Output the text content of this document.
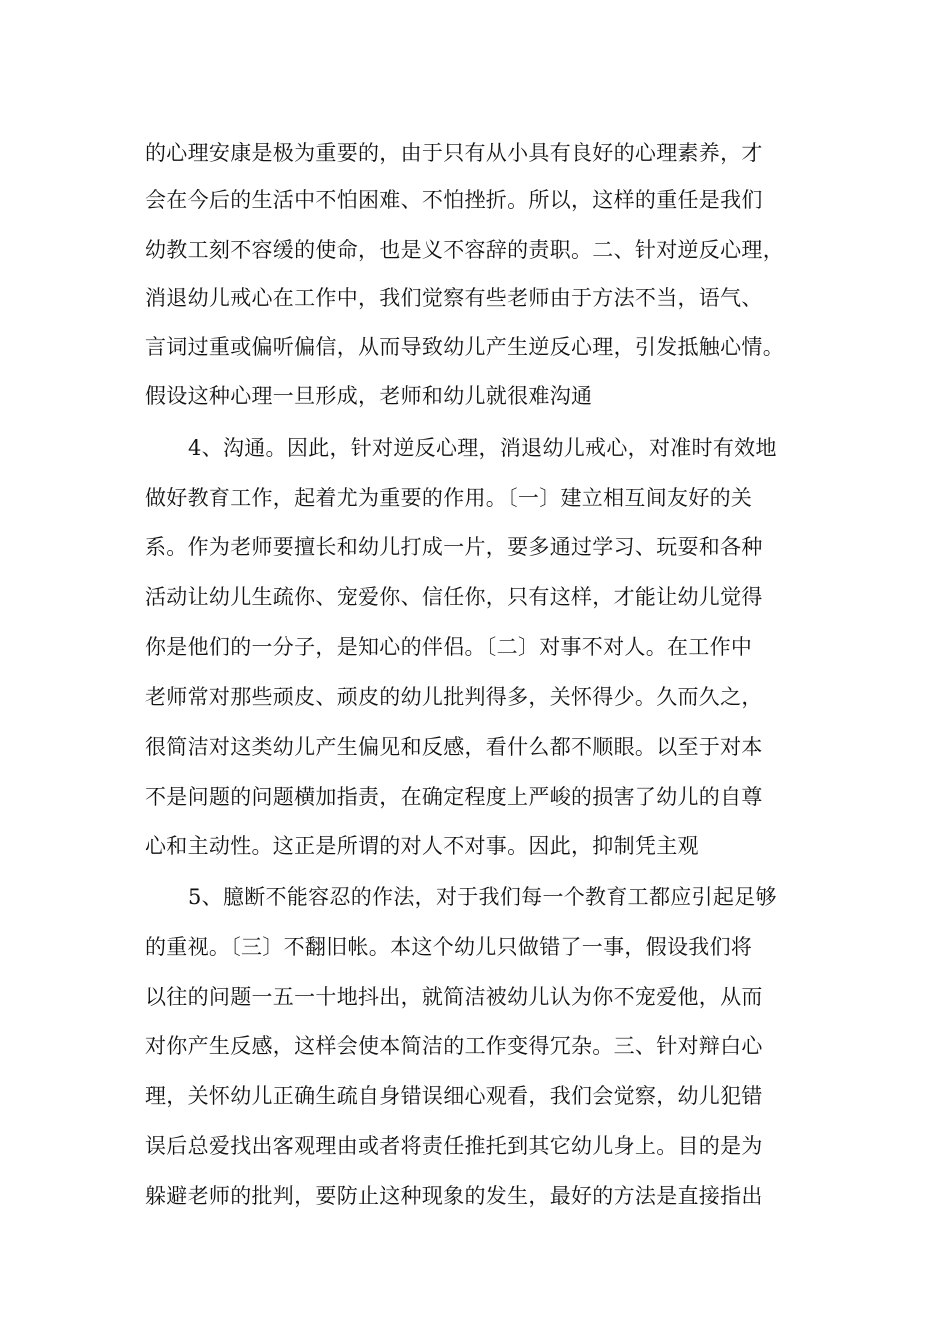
的心理安康是极为重要的，由于只有从小具有良好的心理素养，才
会在今后的生活中不怕困难、不怕挫折。所以，这样的重任是我们
幼教工刻不容缓的使命，也是义不容辞的责职。二、针对逆反心理，
消退幼儿戒心在工作中，我们觉察有些老师由于方法不当，语气、
言词过重或偏听偏信，从而导致幼儿产生逆反心理，引发抵触心情。
假设这种心理一旦形成，老师和幼儿就很难沟通
4、沟通。因此，针对逆反心理，消退幼儿戒心，对准时有效地
做好教育工作，起着尤为重要的作用。〔一〕建立相互间友好的关
系。作为老师要擅长和幼儿打成一片，要多通过学习、玩耍和各种
活动让幼儿生疏你、宠爱你、信任你，只有这样，才能让幼儿觉得
你是他们的一分子，是知心的伴侣。〔二〕对事不对人。在工作中
老师常对那些顽皮、顽皮的幼儿批判得多，关怀得少。久而久之，
很简洁对这类幼儿产生偏见和反感，看什么都不顺眼。以至于对本
不是问题的问题横加指责，在确定程度上严峻的损害了幼儿的自尊
心和主动性。这正是所谓的对人不对事。因此，抑制凭主观
5、臆断不能容忍的作法，对于我们每一个教育工都应引起足够
的重视。〔三〕不翻旧帐。本这个幼儿只做错了一事，假设我们将
以往的问题一五一十地抖出，就简洁被幼儿认为你不宠爱他，从而
对你产生反感，这样会使本简洁的工作变得冗杂。三、针对辩白心
理，关怀幼儿正确生疏自身错误细心观看，我们会觉察，幼儿犯错
误后总爱找出客观理由或者将责任推托到其它幼儿身上。目的是为
躲避老师的批判，要防止这种现象的发生，最好的方法是直接指出
